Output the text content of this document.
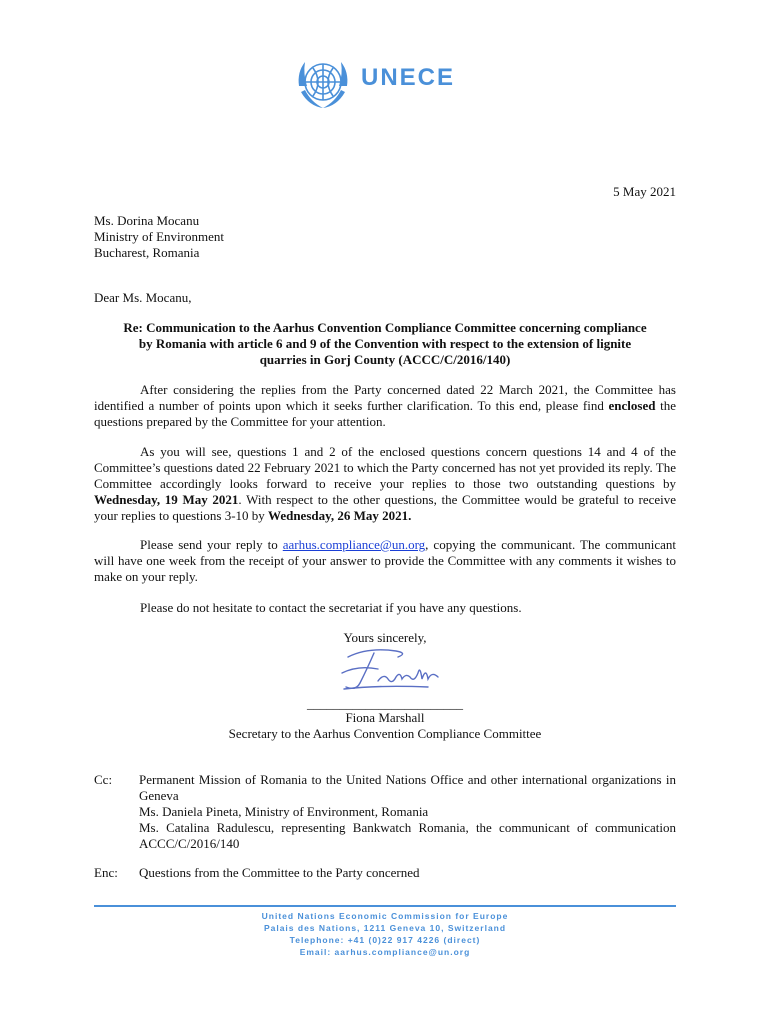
UNECE
5 May 2021
Ms. Dorina Mocanu
Ministry of Environment
Bucharest, Romania
Dear Ms. Mocanu,
Re: Communication to the Aarhus Convention Compliance Committee concerning compliance
by Romania with article 6 and 9 of the Convention with respect to the extension of lignite
quarries in Gorj County (ACCC/C/2016/140)
After considering the replies from the Party concerned dated 22 March 2021, the Committee has identified a number of points upon which it seeks further clarification. To this end, please find enclosed the questions prepared by the Committee for your attention.
As you will see, questions 1 and 2 of the enclosed questions concern questions 14 and 4 of the Committee’s questions dated 22 February 2021 to which the Party concerned has not yet provided its reply. The Committee accordingly looks forward to receive your replies to those two outstanding questions by Wednesday, 19 May 2021. With respect to the other questions, the Committee would be grateful to receive your replies to questions 3-10 by Wednesday, 26 May 2021.
Please send your reply to aarhus.compliance@un.org, copying the communicant. The communicant will have one week from the receipt of your answer to provide the Committee with any comments it wishes to make on your reply.
Please do not hesitate to contact the secretariat if you have any questions.
Yours sincerely,
________________________
Fiona Marshall
Secretary to the Aarhus Convention Compliance Committee
Cc: Permanent Mission of Romania to the United Nations Office and other international organizations in Geneva
Ms. Daniela Pineta, Ministry of Environment, Romania
Ms. Catalina Radulescu, representing Bankwatch Romania, the communicant of communication ACCC/C/2016/140
Enc: Questions from the Committee to the Party concerned
United Nations Economic Commission for Europe
Palais des Nations, 1211 Geneva 10, Switzerland
Telephone: +41 (0)22 917 4226 (direct)
Email: aarhus.compliance@un.org
